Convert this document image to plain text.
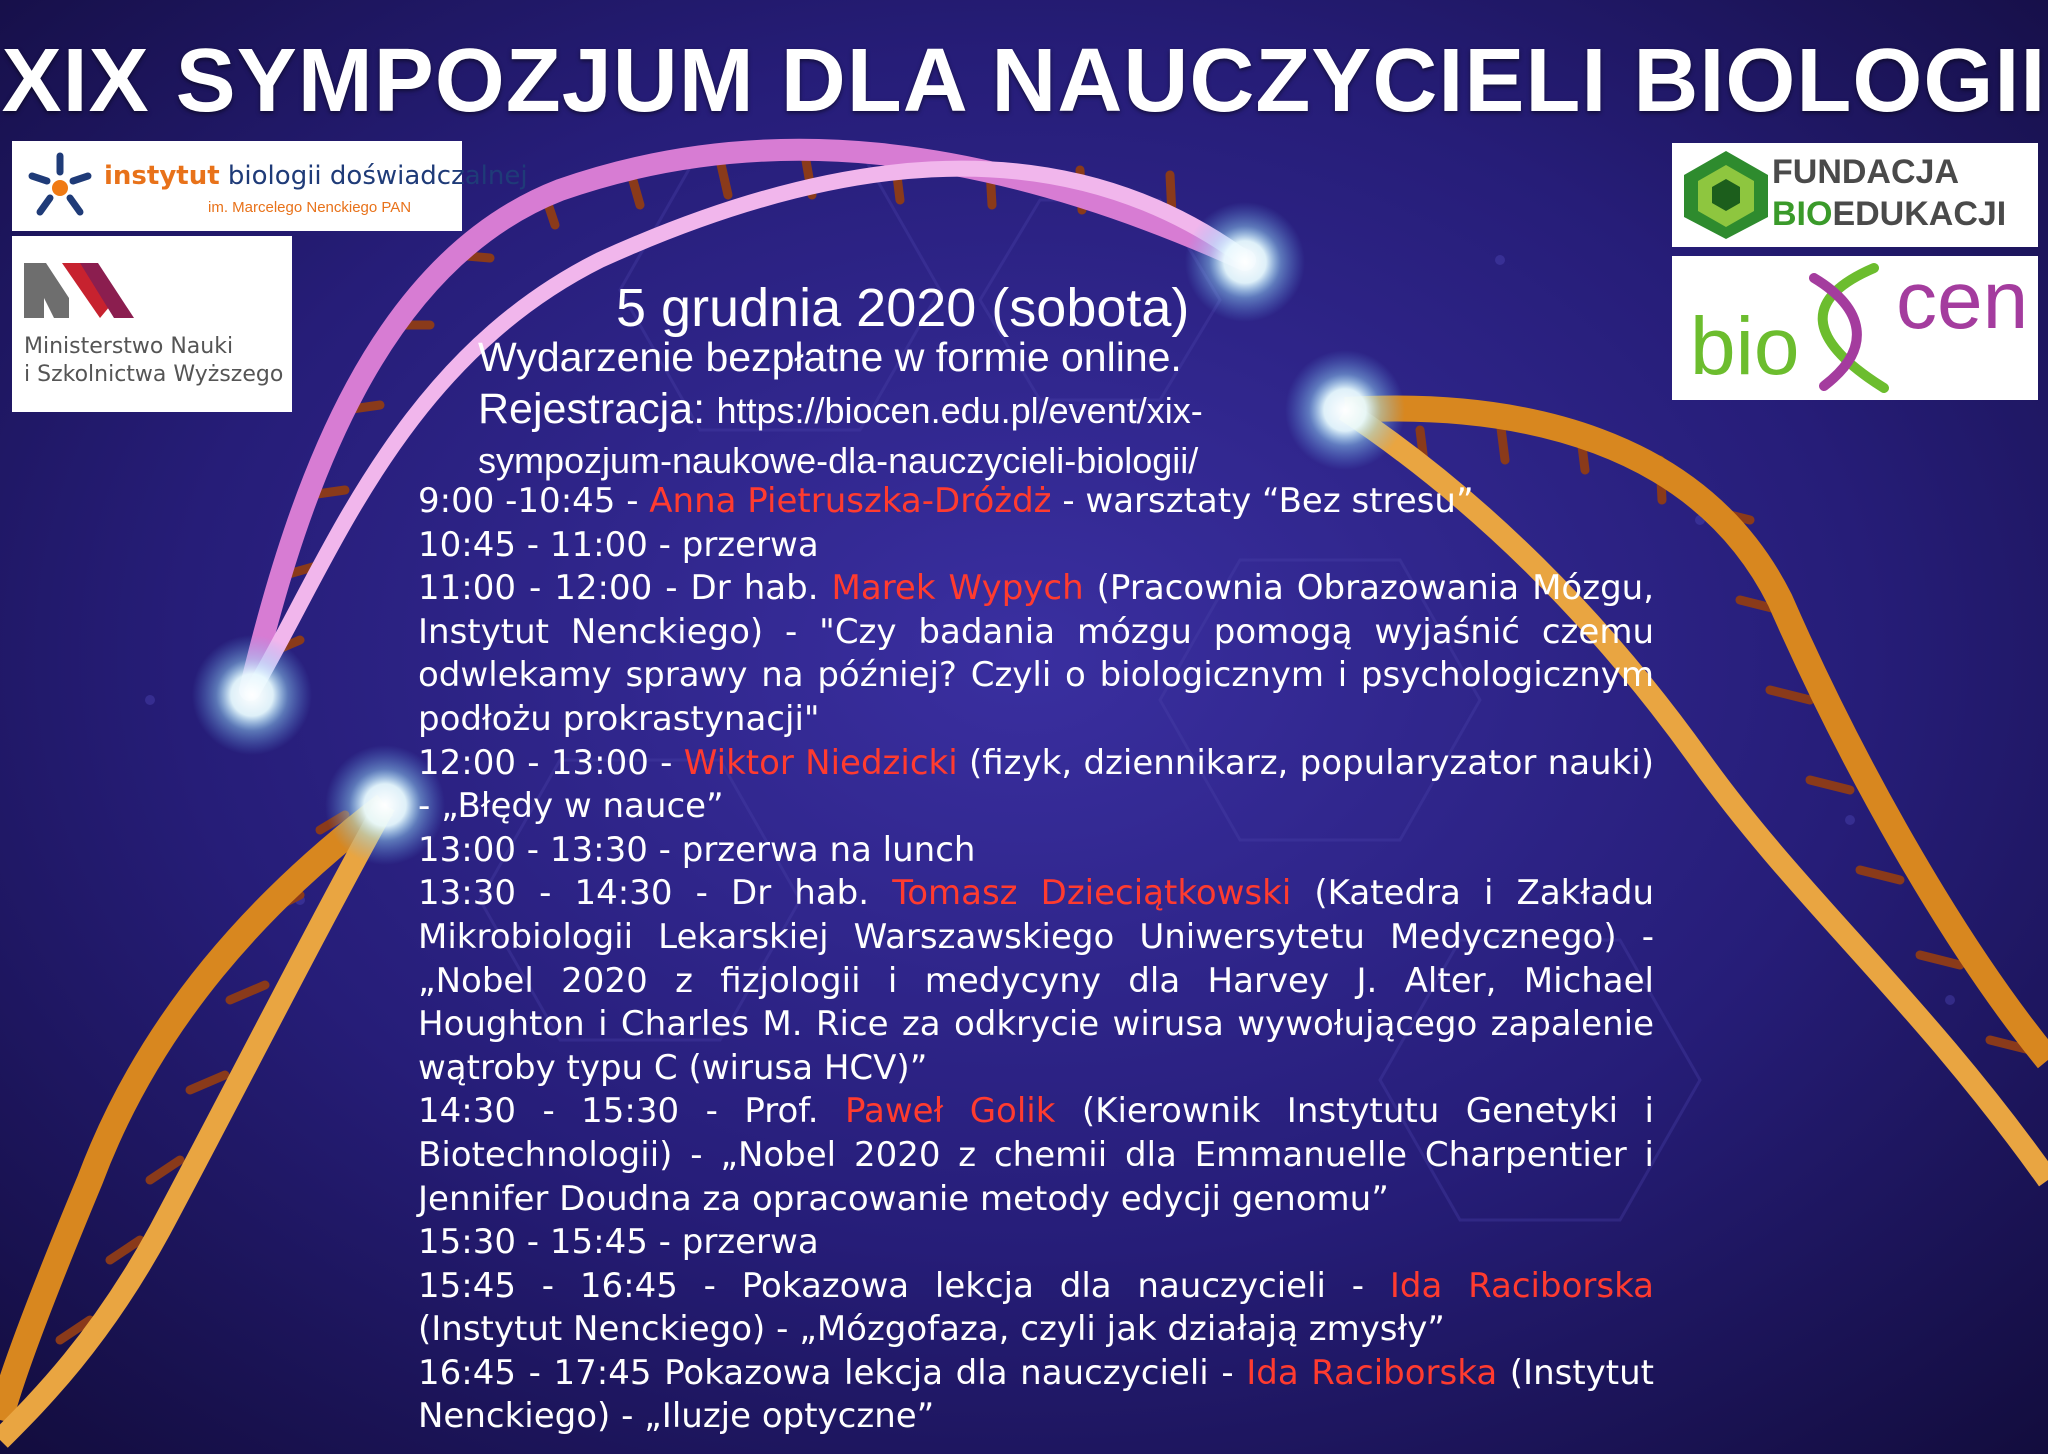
XIX SYMPOZJUM DLA NAUCZYCIELI BIOLOGII
instytut biologii doświadczalnej
im. Marcelego Nenckiego PAN
Ministerstwo Nauki
i Szkolnictwa Wyższego
FUNDACJA
BIOEDUKACJI
cen
bio
5 grudnia 2020 (sobota)
Wydarzenie bezpłatne w formie online.
Rejestracja: https://biocen.edu.pl/event/xix-
sympozjum-naukowe-dla-nauczycieli-biologii/

9:00 -10:45 - Anna Pietruszka-Dróżdż - warsztaty “Bez stresu”

10:45 - 11:00 - przerwa

11:00 - 12:00 - Dr hab. Marek Wypych (Pracownia Obrazowania Mózgu, Instytut Nenckiego) - "Czy badania mózgu pomogą wyjaśnić czemu odwlekamy sprawy na później? Czyli o biologicznym i psychologicznym podłożu prokrastynacji"

12:00 - 13:00 - Wiktor Niedzicki (fizyk, dziennikarz, popularyzator nauki) - „Błędy w nauce”

13:00 - 13:30 - przerwa na lunch

13:30 - 14:30 - Dr hab. Tomasz Dzieciątkowski (Katedra i Zakładu Mikrobiologii Lekarskiej Warszawskiego Uniwersytetu Medycznego) - „Nobel 2020 z fizjologii i medycyny dla Harvey J. Alter, Michael Houghton i Charles M. Rice za odkrycie wirusa wywołującego zapalenie wątroby typu C (wirusa HCV)”

14:30 - 15:30 - Prof. Paweł Golik (Kierownik Instytutu Genetyki i Biotechnologii) - „Nobel 2020 z chemii dla Emmanuelle Charpentier i Jennifer Doudna za opracowanie metody edycji genomu”

15:30 - 15:45 - przerwa

15:45 - 16:45 - Pokazowa lekcja dla nauczycieli - Ida Raciborska (Instytut Nenckiego) - „Mózgofaza, czyli jak działają zmysły”

16:45 - 17:45 Pokazowa lekcja dla nauczycieli - Ida Raciborska (Instytut Nenckiego) - „Iluzje optyczne”
